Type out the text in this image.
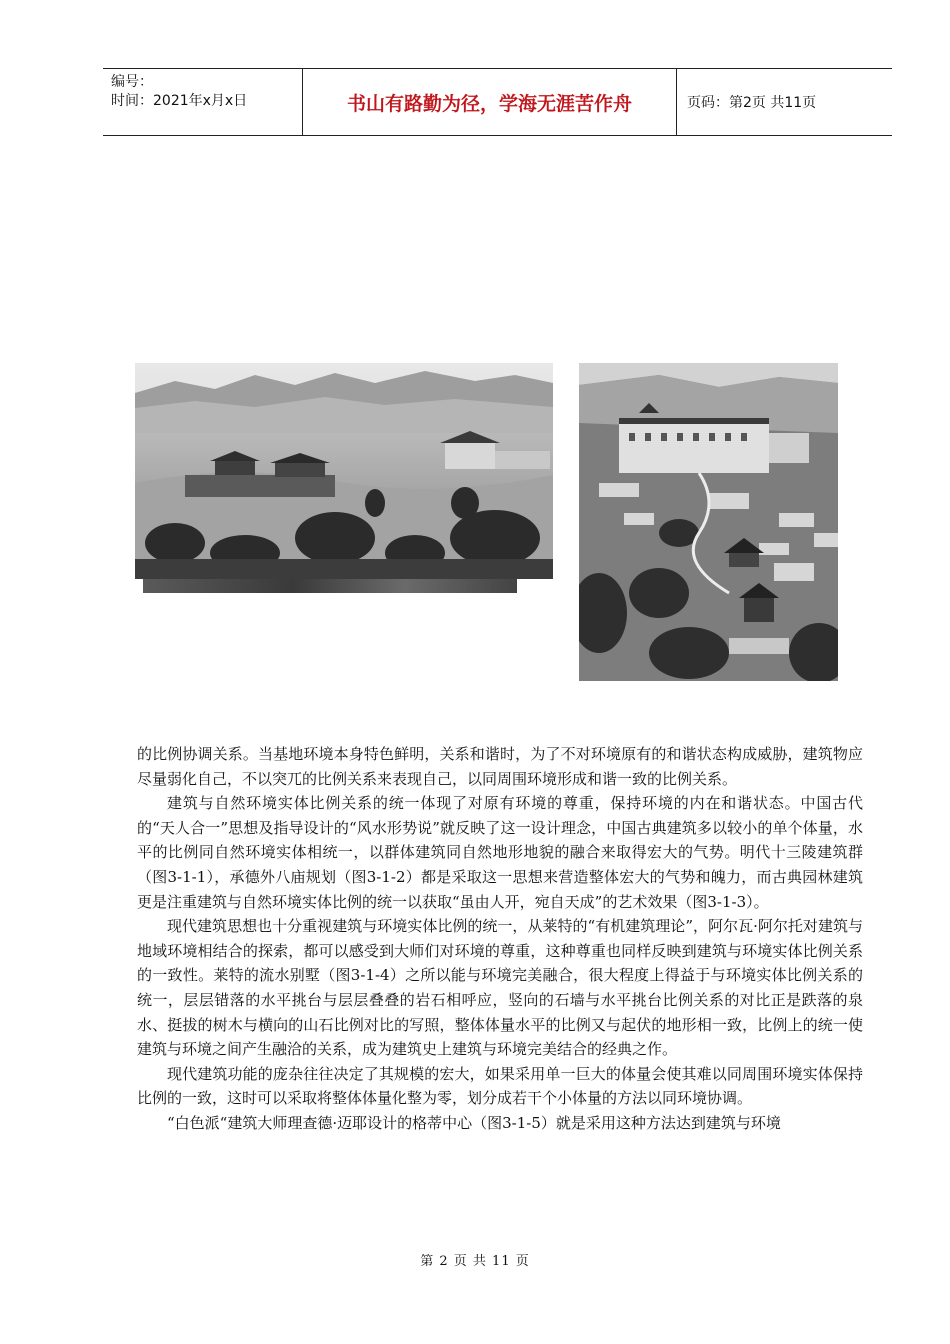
编号：
时间：2021年x月x日	书山有路勤为径，学海无涯苦作舟	页码：第2页 共11页

的比例协调关系。当基地环境本身特色鲜明，关系和谐时，为了不对环境原有的和谐状态构成威胁，建筑物应尽量弱化自己，不以突兀的比例关系来表现自己，以同周围环境形成和谐一致的比例关系。

建筑与自然环境实体比例关系的统一体现了对原有环境的尊重，保持环境的内在和谐状态。中国古代的“天人合一”思想及指导设计的“风水形势说”就反映了这一设计理念，中国古典建筑多以较小的单个体量，水平的比例同自然环境实体相统一，以群体建筑同自然地形地貌的融合来取得宏大的气势。明代十三陵建筑群（图3-1-1），承德外八庙规划（图3-1-2）都是采取这一思想来营造整体宏大的气势和魄力，而古典园林建筑更是注重建筑与自然环境实体比例的统一以获取“虽由人开，宛自天成”的艺术效果（图3-1-3）。

现代建筑思想也十分重视建筑与环境实体比例的统一，从莱特的“有机建筑理论”，阿尔瓦·阿尔托对建筑与地域环境相结合的探索，都可以感受到大师们对环境的尊重，这种尊重也同样反映到建筑与环境实体比例关系的一致性。莱特的流水别墅（图3-1-4）之所以能与环境完美融合，很大程度上得益于与环境实体比例关系的统一，层层错落的水平挑台与层层叠叠的岩石相呼应，竖向的石墙与水平挑台比例关系的对比正是跌落的泉水、挺拔的树木与横向的山石比例对比的写照，整体体量水平的比例又与起伏的地形相一致，比例上的统一使建筑与环境之间产生融洽的关系，成为建筑史上建筑与环境完美结合的经典之作。

现代建筑功能的庞杂往往决定了其规模的宏大，如果采用单一巨大的体量会使其难以同周围环境实体保持比例的一致，这时可以采取将整体体量化整为零，划分成若干个小体量的方法以同环境协调。

“白色派“建筑大师理查德·迈耶设计的格蒂中心（图3-1-5）就是采用这种方法达到建筑与环境

第 2 页 共 11 页
